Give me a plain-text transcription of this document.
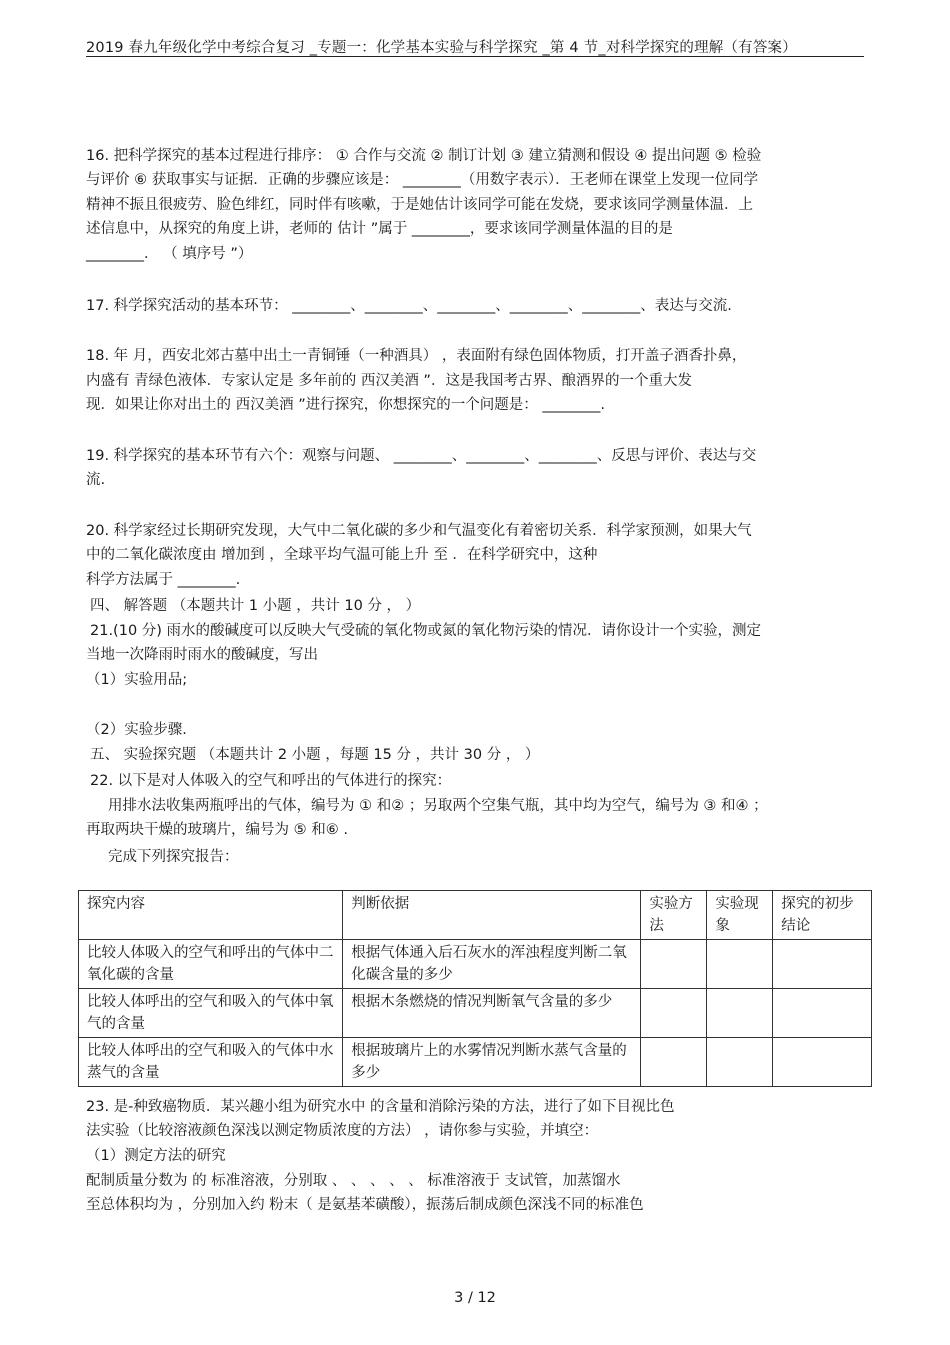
2019 春九年级化学中考综合复习 _专题一：化学基本实验与科学探究 _第 4 节_对科学探究的理解（有答案）
16. 把科学探究的基本过程进行排序： ① 合作与交流 ② 制订计划 ③ 建立猜测和假设 ④ 提出问题 ⑤ 检验
与评价 ⑥ 获取事实与证据．正确的步骤应该是： ________（用数字表示）．王老师在课堂上发现一位同学
精神不振且很疲劳、脸色绯红，同时伴有咳嗽，于是她估计该同学可能在发烧，要求该同学测量体温．上
述信息中，从探究的角度上讲，老师的 估计 ”属于 ________，要求该同学测量体温的目的是
________． （ 填序号 ”）
17. 科学探究活动的基本环节： ________、________、________、________、________、表达与交流.
18. 年 月，西安北郊古墓中出土一青铜锤（一种酒具） ，表面附有绿色固体物质，打开盖子酒香扑鼻，
内盛有 青绿色液体．专家认定是 多年前的 西汉美酒 ”．这是我国考古界、酿酒界的一个重大发
现．如果让你对出土的 西汉美酒 ”进行探究，你想探究的一个问题是： ________.
19. 科学探究的基本环节有六个：观察与问题、 ________、________、________、反思与评价、表达与交
流.
20. 科学家经过长期研究发现，大气中二氧化碳的多少和气温变化有着密切关系．科学家预测，如果大气
中的二氧化碳浓度由 增加到 ，全球平均气温可能上升 至 ．在科学研究中，这种
科学方法属于 ________.
四、 解答题 （本题共计 1 小题 ，共计 10 分 ， ）
21.(10 分) 雨水的酸碱度可以反映大气受硫的氧化物或氮的氧化物污染的情况．请你设计一个实验，测定
当地一次降雨时雨水的酸碱度，写出
（1）实验用品;
（2）实验步骤.
五、 实验探究题 （本题共计 2 小题 ，每题 15 分 ，共计 30 分 ， ）
22. 以下是对人体吸入的空气和呼出的气体进行的探究：
用排水法收集两瓶呼出的气体，编号为 ① 和② ；另取两个空集气瓶，其中均为空气，编号为 ③ 和④ ；
再取两块干燥的玻璃片，编号为 ⑤ 和⑥ .
完成下列探究报告：
探究内容	判断依据	实验方法	实验现象	探究的初步结论
比较人体吸入的空气和呼出的气体中二氧化碳的含量	根据气体通入后石灰水的浑浊程度判断二氧化碳含量的多少			
比较人体呼出的空气和吸入的气体中氧气的含量	根据木条燃烧的情况判断氧气含量的多少			
比较人体呼出的空气和吸入的气体中水蒸气的含量	根据玻璃片上的水雾情况判断水蒸气含量的多少			
23. 是-种致癌物质．某兴趣小组为研究水中 的含量和消除污染的方法，进行了如下目视比色
法实验（比较溶液颜色深浅以测定物质浓度的方法） ，请你参与实验，并填空：
（1）测定方法的研究
配制质量分数为 的 标准溶液，分别取 、 、 、 、 、 标准溶液于 支试管，加蒸馏水
至总体积均为 ，分别加入约 粉末（ 是氨基苯磺酸），振荡后制成颜色深浅不同的标准色
3 / 12
